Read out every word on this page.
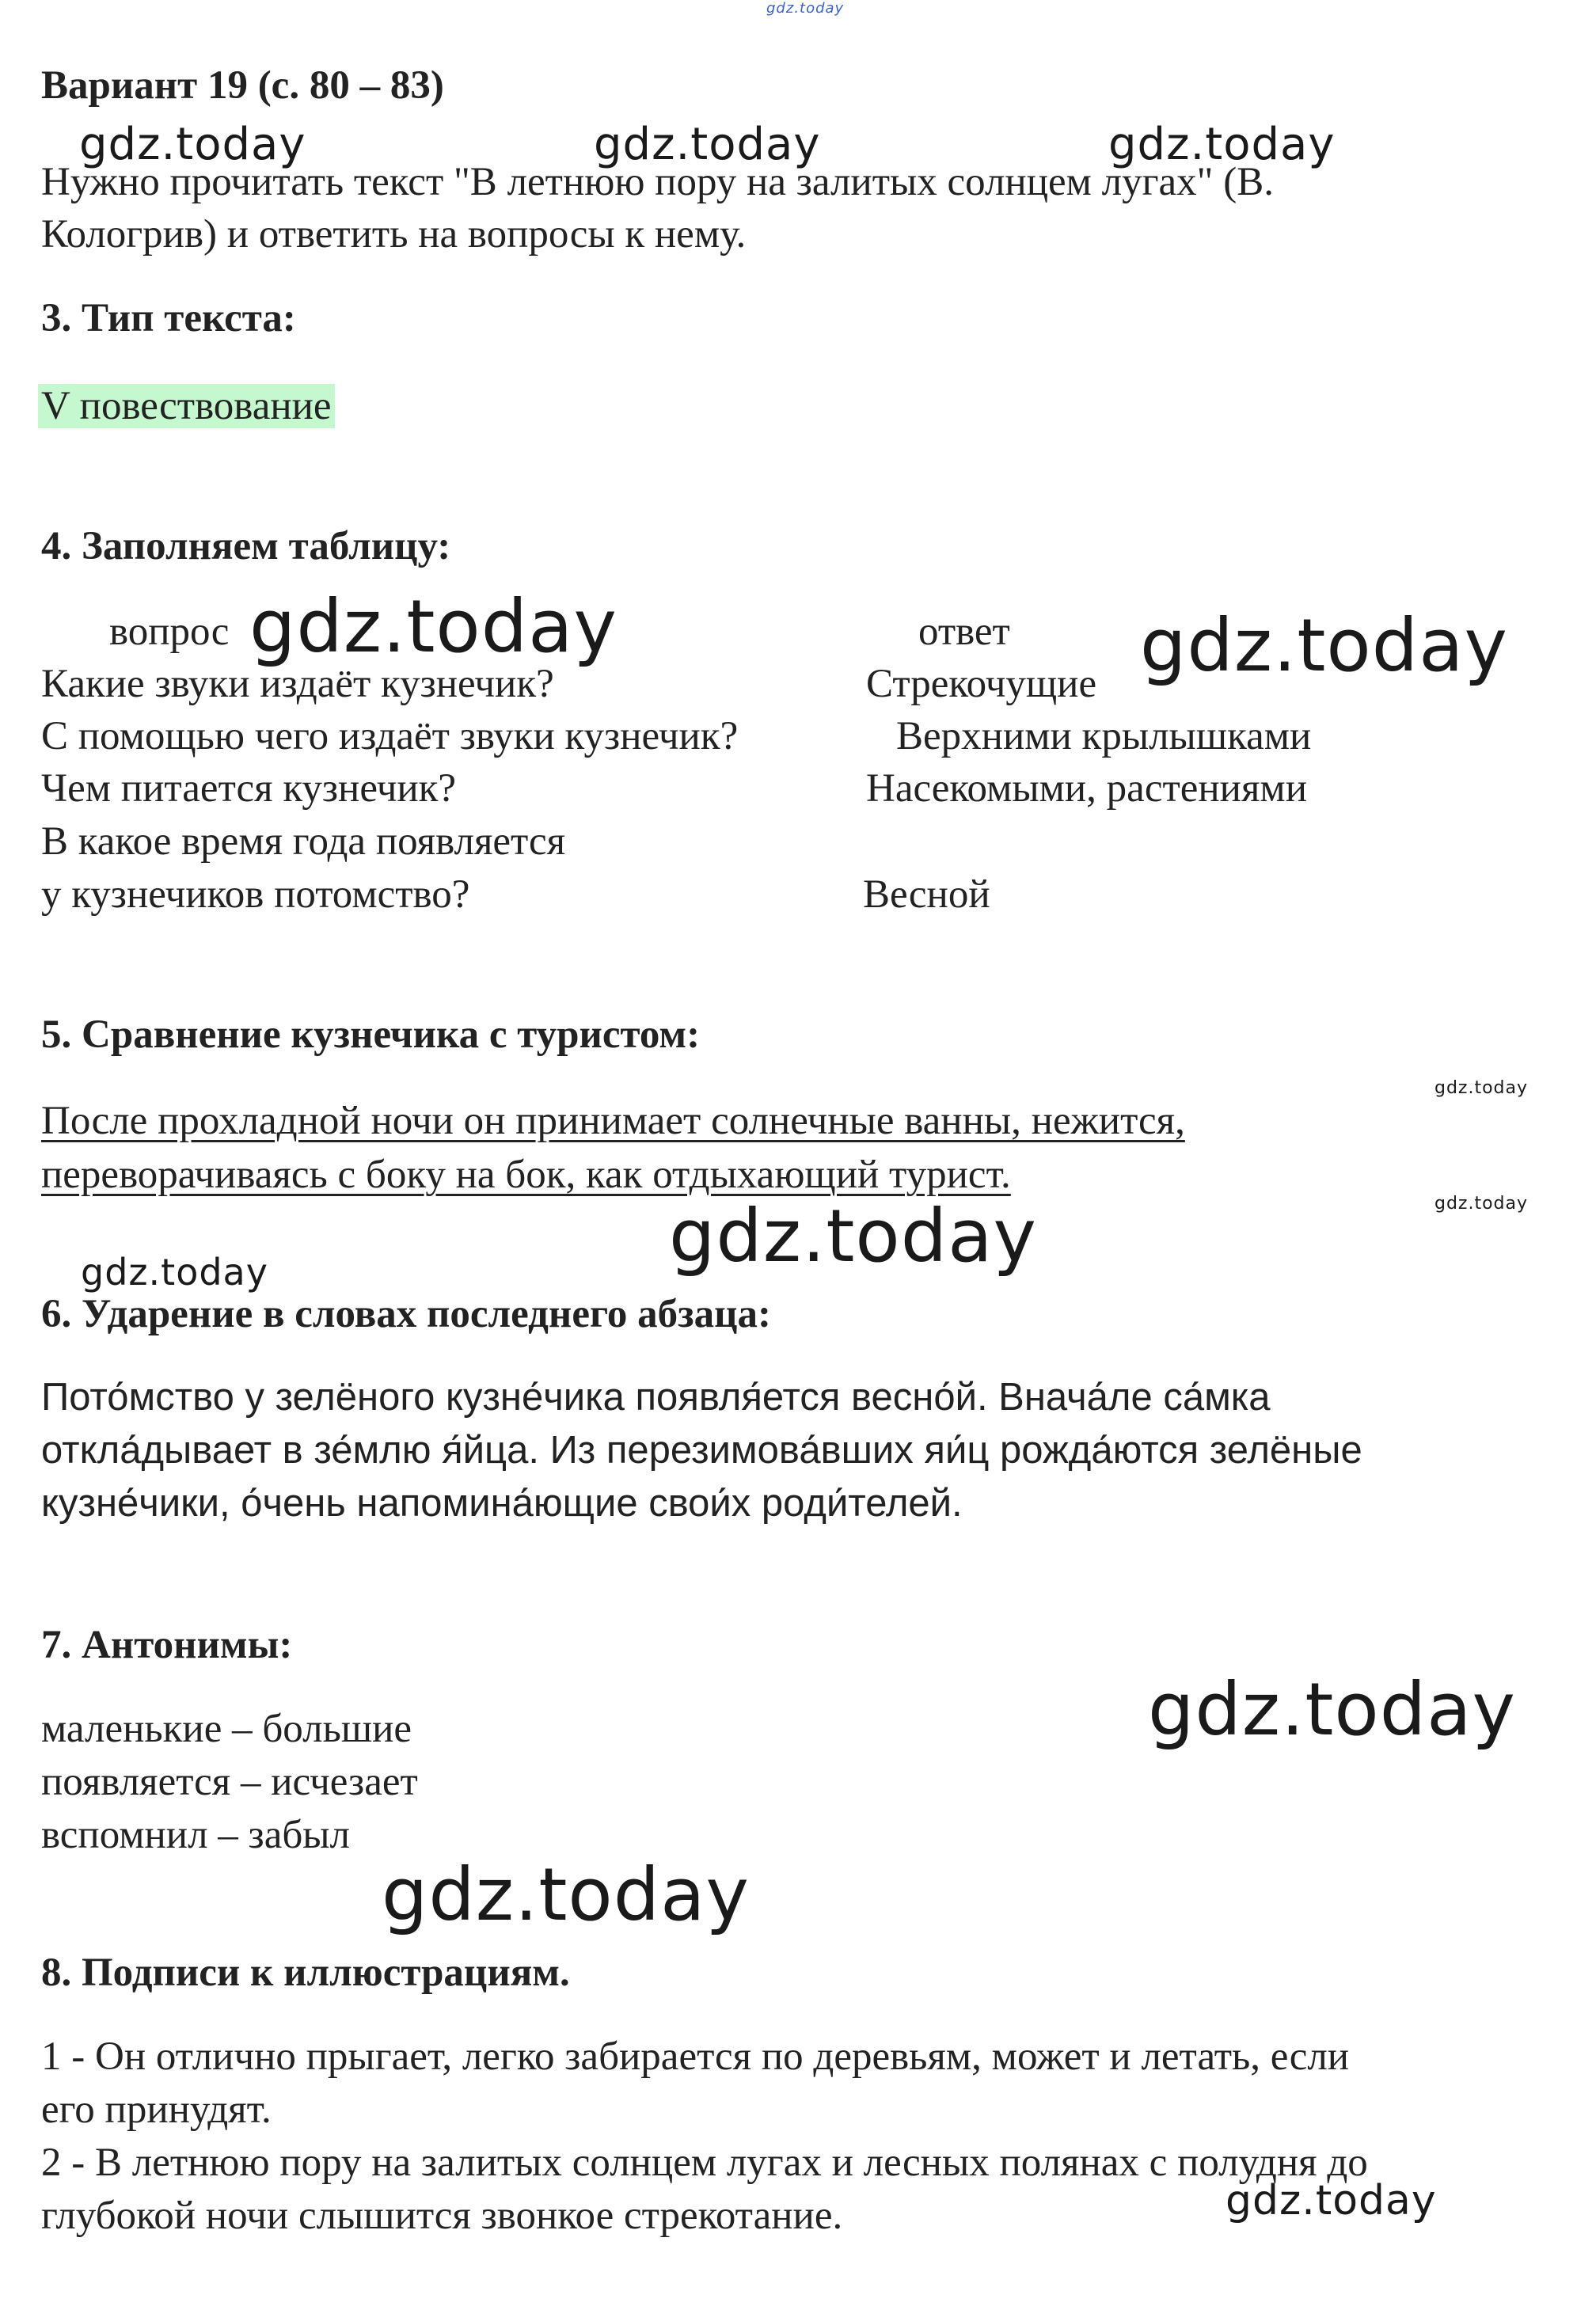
gdz.today
Вариант 19 (с. 80 – 83)
Нужно прочитать текст "В летнюю пору на залитых солнцем лугах" (В.
Кологрив) и ответить на вопросы к нему.
gdz.today	gdz.today	gdz.today
3. Тип текста:
V повествование
4. Заполняем таблицу:
вопрос	ответ
gdz.today	gdz.today
Какие звуки издаёт кузнечик?	Стрекочущие
С помощью чего издаёт звуки кузнечик?	Верхними крылышками
Чем питается кузнечик?	Насекомыми, растениями
В какое время года появляется
у кузнечиков потомство?	Весной
5. Сравнение кузнечика с туристом:
gdz.today
После прохладной ночи он принимает солнечные ванны, нежится,
переворачиваясь с боку на бок, как отдыхающий турист.
gdz.today
gdz.today
gdz.today
6. Ударение в словах последнего абзаца:
Пото́мство у зелёного кузне́чика появля́ется весно́й. Внача́ле са́мка
откла́дывает в зе́млю я́йца. Из перезимова́вших яи́ц рожда́ются зелёные
кузне́чики, о́чень напомина́ющие свои́х роди́телей.
7. Антонимы:
gdz.today
маленькие – большие
появляется – исчезает
вспомнил – забыл
gdz.today
8. Подписи к иллюстрациям.
1 - Он отлично прыгает, легко забирается по деревьям, может и летать, если
его принудят.
2 - В летнюю пору на залитых солнцем лугах и лесных полянах с полудня до
глубокой ночи слышится звонкое стрекотание.	gdz.today
